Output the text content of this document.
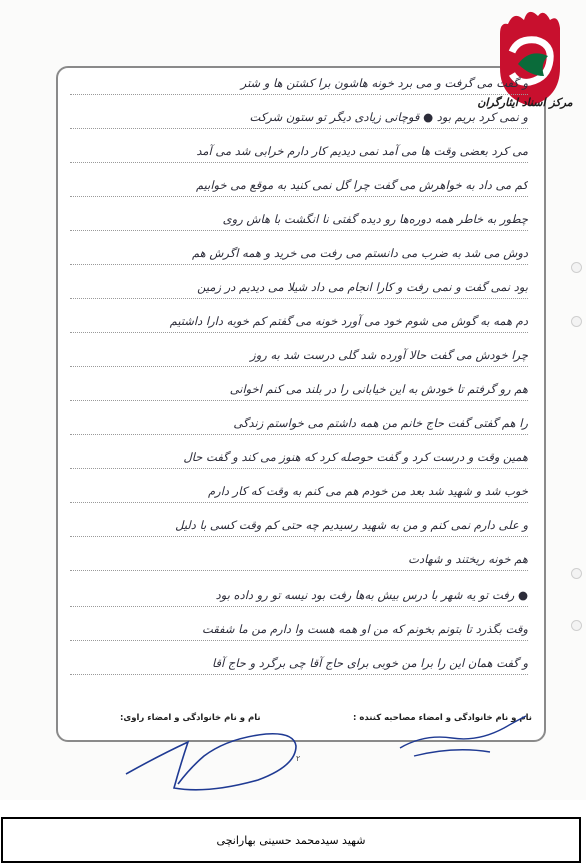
مرکز اسناد ایثارگران
و گفت می گرفت و می برد خونه هاشون برا کشتن ها و شتر
و نمی کرد بریم بود ● قوچانی زیادی دیگر تو ستون شرکت
می کرد بعضی وقت ها می آمد نمی دیدیم کار دارم خرابی شد می آمد
کم می داد به خواهرش می گفت چرا گل نمی کنید به موقع می خوابیم
چطور به خاطر همه دوره‌ها رو دیده گفتی نا انگشت با هاش روی
دوش می شد به ضرب می دانستم می رفت می خرید و همه اگرش هم
بود نمی گفت و نمی رفت و کارا انجام می داد شیلا می دیدیم در زمین
دم همه به گوش می شوم خود می آورد خونه می گفتم کم خوبه دارا داشتیم
چرا خودش می گفت حالا آورده شد گلی درست شد به روز
هم رو گرفتم تا خودش به این خیابانی را در بلند می کنم اخوانی
را هم گفتی گفت حاج خانم من همه داشتم می خواستم زندگی
همین وقت و درست کرد و گفت حوصله کرد که هنوز می کند و گفت حال
خوب شد و شهید شد بعد من خودم هم می کنم به وقت که کار دارم
و علی دارم نمی کنم و من به شهید رسیدیم چه حتی کم وقت کسی با دلیل
هم خونه ریختند و شهادت
● رفت تو یه شهر با درس بیش به‌ها رفت بود نیسه تو رو داده بود
وقت بگذرد تا بتونم بخونم که من او همه هست وا دارم من ما شفقت
و گفت همان این را برا من خوبی برای حاج آقا چی برگرد و حاج آقا
نام و نام خانوادگی و امضاء مصاحبه کننده :
نام و نام خانوادگی و امضاء راوی:
۲
شهید سیدمحمد حسینی بهارانچی
